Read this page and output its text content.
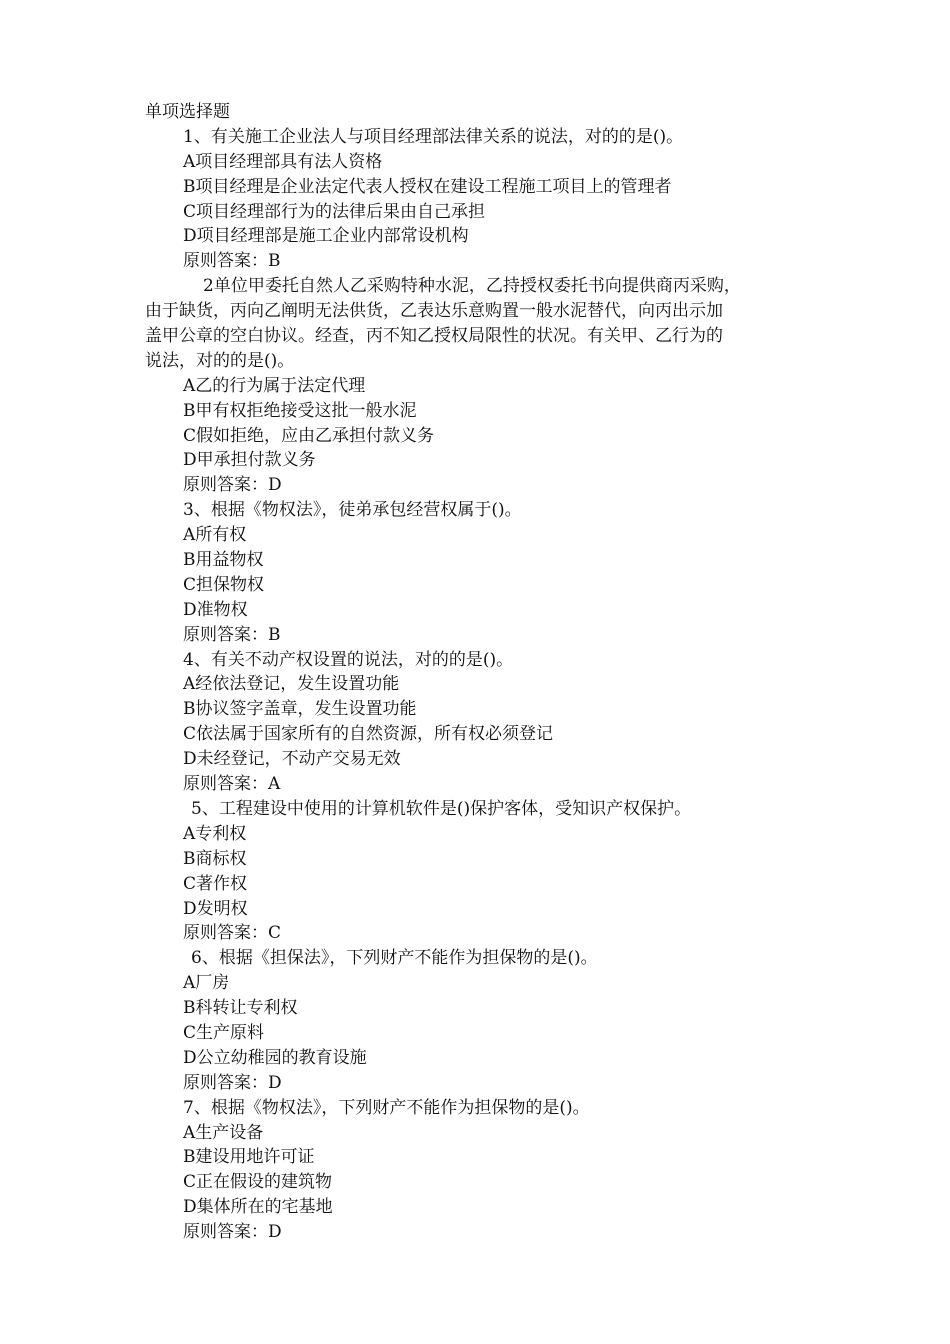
单项选择题
1、有关施工企业法人与项目经理部法律关系的说法，对的的是()。
A项目经理部具有法人资格
B项目经理是企业法定代表人授权在建设工程施工项目上的管理者
C项目经理部行为的法律后果由自己承担
D项目经理部是施工企业内部常设机构
原则答案：B
2单位甲委托自然人乙采购特种水泥，乙持授权委托书向提供商丙采购，
由于缺货，丙向乙阐明无法供货，乙表达乐意购置一般水泥替代，向丙出示加
盖甲公章的空白协议。经查，丙不知乙授权局限性的状况。有关甲、乙行为的
说法，对的的是()。
A乙的行为属于法定代理
B甲有权拒绝接受这批一般水泥
C假如拒绝，应由乙承担付款义务
D甲承担付款义务
原则答案：D
3、根据《物权法》，徒弟承包经营权属于()。
A所有权
B用益物权
C担保物权
D准物权
原则答案：B
4、有关不动产权设置的说法，对的的是()。
A经依法登记，发生设置功能
B协议签字盖章，发生设置功能
C依法属于国家所有的自然资源，所有权必须登记
D未经登记，不动产交易无效
原则答案：A
5、工程建设中使用的计算机软件是()保护客体，受知识产权保护。
A专利权
B商标权
C著作权
D发明权
原则答案：C
6、根据《担保法》，下列财产不能作为担保物的是()。
A厂房
B科转让专利权
C生产原料
D公立幼稚园的教育设施
原则答案：D
7、根据《物权法》，下列财产不能作为担保物的是()。
A生产设备
B建设用地许可证
C正在假设的建筑物
D集体所在的宅基地
原则答案：D
